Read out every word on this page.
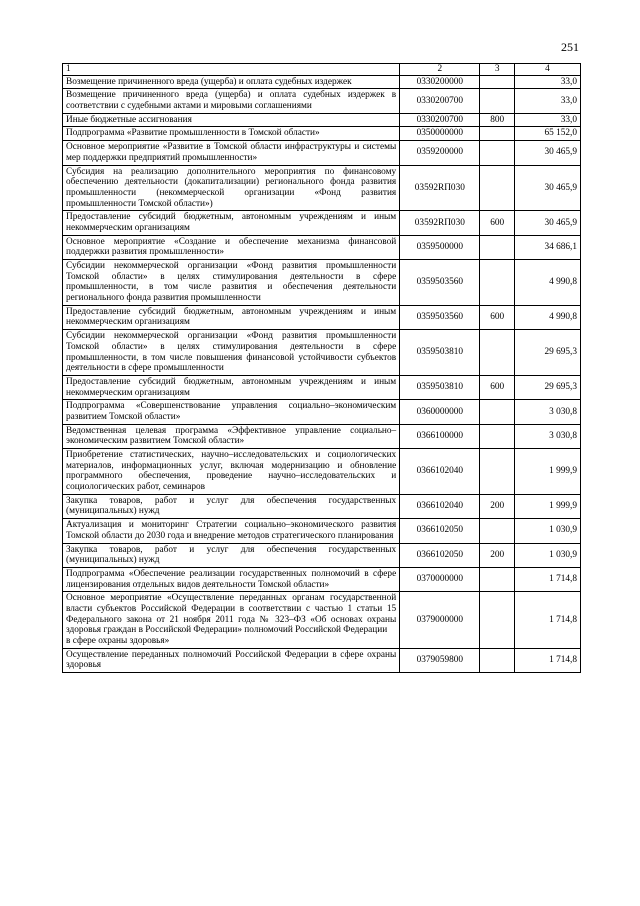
251
1	2	3	4
Возмещение причиненного вреда (ущерба) и оплата судебных издержек	0330200000		33,0
Возмещение причиненного вреда (ущерба) и оплата судебных издержек в соответствии с судебными актами и мировыми соглашениями	0330200700		33,0
Иные бюджетные ассигнования	0330200700	800	33,0
Подпрограмма «Развитие промышленности в Томской области»	0350000000		65 152,0
Основное мероприятие «Развитие в Томской области инфраструктуры и системы мер поддержки предприятий промышленности»	0359200000		30 465,9
Субсидия на реализацию дополнительного мероприятия по финансовому обеспечению деятельности (докапитализации) регионального фонда развития промышленности (некоммерческой организации «Фонд развития промышленности Томской области»)	03592RП030		30 465,9
Предоставление субсидий бюджетным, автономным учреждениям и иным некоммерческим организациям	03592RП030	600	30 465,9
Основное мероприятие «Создание и обеспечение механизма финансовой поддержки развития промышленности»	0359500000		34 686,1
Субсидии некоммерческой организации «Фонд развития промышленности Томской области» в целях стимулирования деятельности в сфере промышленности, в том числе развития и обеспечения деятельности регионального фонда развития промышленности	0359503560		4 990,8
Предоставление субсидий бюджетным, автономным учреждениям и иным некоммерческим организациям	0359503560	600	4 990,8
Субсидии некоммерческой организации «Фонд развития промышленности Томской области» в целях стимулирования деятельности в сфере промышленности, в том числе повышения финансовой устойчивости субъектов деятельности в сфере промышленности	0359503810		29 695,3
Предоставление субсидий бюджетным, автономным учреждениям и иным некоммерческим организациям	0359503810	600	29 695,3
Подпрограмма «Совершенствование управления социально–экономическим развитием Томской области»	0360000000		3 030,8
Ведомственная целевая программа «Эффективное управление социально–экономическим развитием Томской области»	0366100000		3 030,8
Приобретение статистических, научно–исследовательских и социологических материалов, информационных услуг, включая модернизацию и обновление программного обеспечения, проведение научно–исследовательских и социологических работ, семинаров	0366102040		1 999,9
Закупка товаров, работ и услуг для обеспечения государственных (муниципальных) нужд	0366102040	200	1 999,9
Актуализация и мониторинг Стратегии социально–экономического развития Томской области до 2030 года и внедрение методов стратегического планирования	0366102050		1 030,9
Закупка товаров, работ и услуг для обеспечения государственных (муниципальных) нужд	0366102050	200	1 030,9
Подпрограмма «Обеспечение реализации государственных полномочий в сфере лицензирования отдельных видов деятельности Томской области»	0370000000		1 714,8
Основное мероприятие «Осуществление переданных органам государственной власти субъектов Российской Федерации в соответствии с частью 1 статьи 15 Федерального закона от 21 ноября 2011 года № 323–ФЗ «Об основах охраны здоровья граждан в Российской Федерации» полномочий Российской Федерации
в сфере охраны здоровья»	0379000000		1 714,8
Осуществление переданных полномочий Российской Федерации в сфере охраны здоровья	0379059800		1 714,8
